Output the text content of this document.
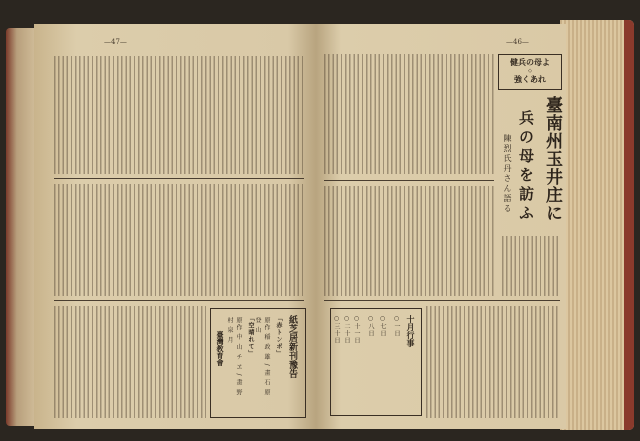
—47—
紙芝居新刊豫告
「赤トンボ」
原作 稲 政 雄 / 畫 石 原 登 山
「空晴れて」
原作 中 山 チ ヱ / 畫 野 村 泉 月
臺灣教育會
—46—
健兵の母よ
◇
強くあれ
臺南州玉井庄に
兵の母を訪ふ
陳烈氏丹さん語る
十月行事
○一日
○七日
○八日
○十一日
○二十日
○三十日
